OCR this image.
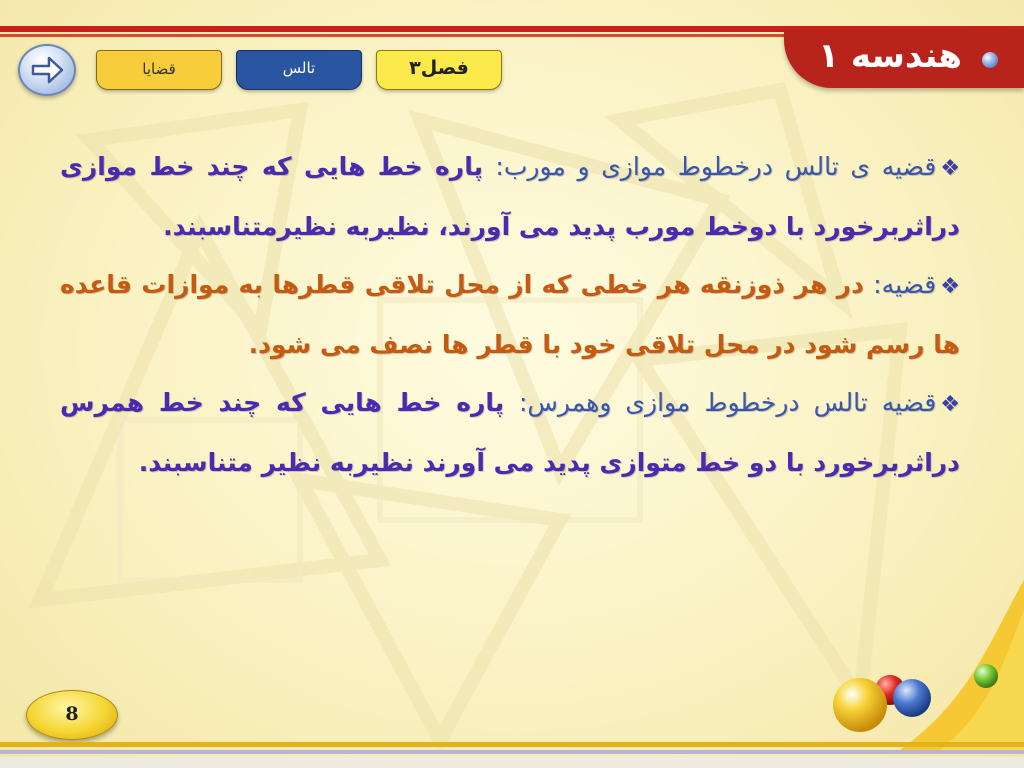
هندسه ۱
فصل۳
تالس
قضایا
❖قضیه ی تالس درخطوط موازی و مورب: پاره خط هایی که چند خط موازی دراثربرخورد با دوخط مورب پدید می آورند، نظیربه نظیرمتناسبند.
❖قضیه: در هر ذوزنقه هر خطی که از محل تلاقی قطرها به موازات قاعده ها رسم شود در محل تلاقی خود با قطر ها نصف می شود.
❖قضیه تالس درخطوط موازی وهمرس: پاره خط هایی که چند خط همرس دراثربرخورد با دو خط متوازی پدید می آورند نظیربه نظیر متناسبند.
8
